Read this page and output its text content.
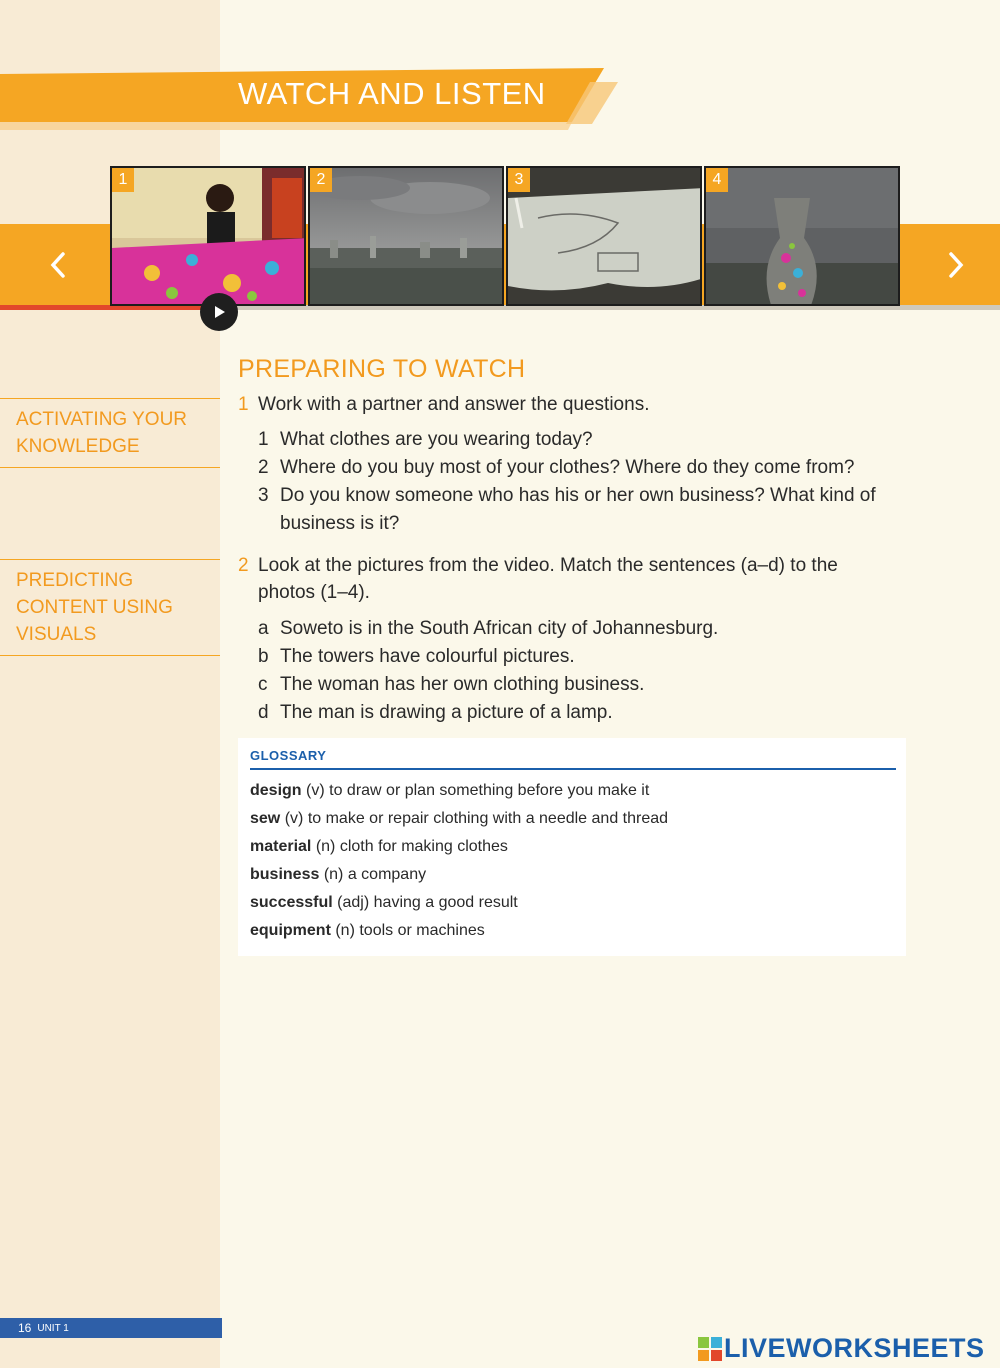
WATCH AND LISTEN
1	2	3	4
PREPARING TO WATCH
ACTIVATING YOUR
KNOWLEDGE
PREDICTING
CONTENT USING
VISUALS
1 Work with a partner and answer the questions.
1 What clothes are you wearing today?
2 Where do you buy most of your clothes? Where do they come from?
3 Do you know someone who has his or her own business? What kind of business is it?
2 Look at the pictures from the video. Match the sentences (a–d) to the photos (1–4).
a Soweto is in the South African city of Johannesburg.
b The towers have colourful pictures.
c The woman has her own clothing business.
d The man is drawing a picture of a lamp.
GLOSSARY
design (v) to draw or plan something before you make it
sew (v) to make or repair clothing with a needle and thread
material (n) cloth for making clothes
business (n) a company
successful (adj) having a good result
equipment (n) tools or machines
16 UNIT 1
LIVEWORKSHEETS
